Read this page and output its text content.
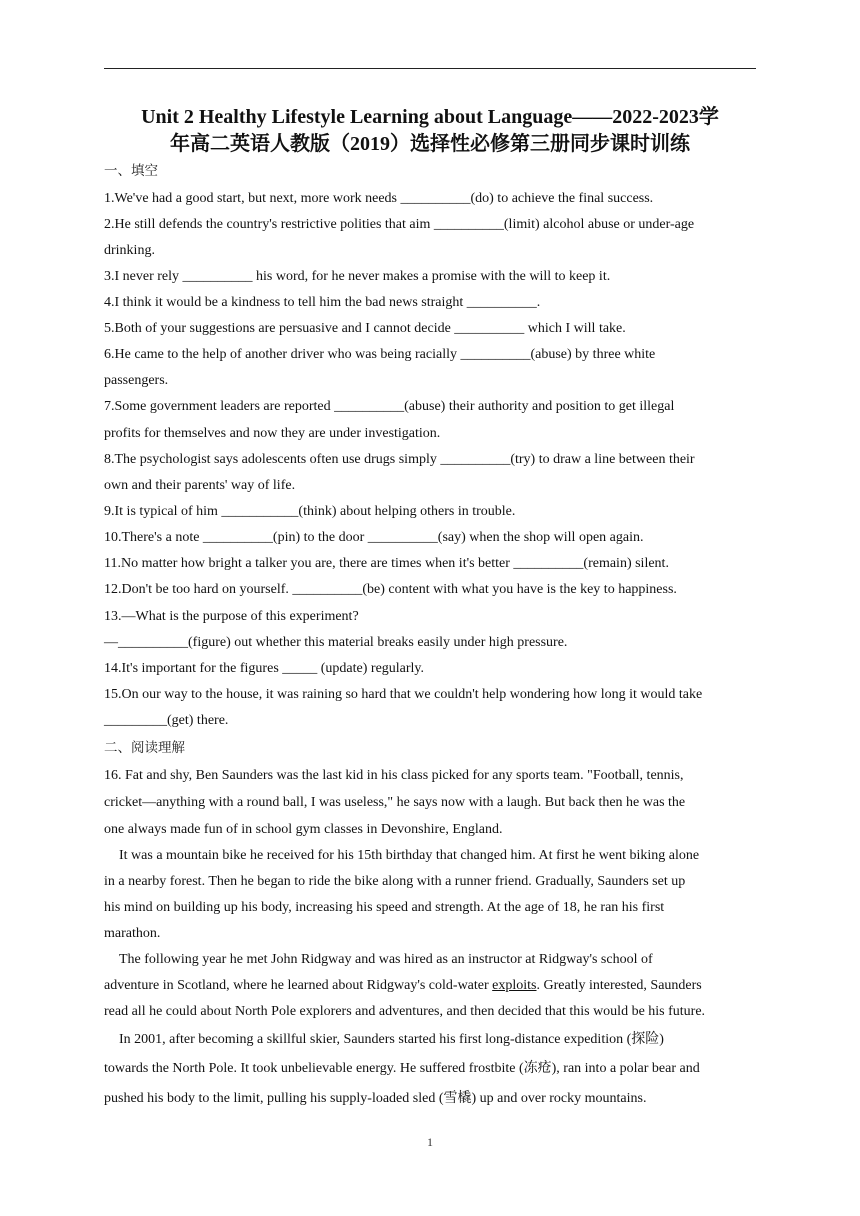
Unit 2 Healthy Lifestyle Learning about Language——2022-2023学
年高二英语人教版（2019）选择性必修第三册同步课时训练
一、填空
1.We've had a good start, but next, more work needs __________(do) to achieve the final success.
2.He still defends the country's restrictive polities that aim __________(limit) alcohol abuse or under-age
drinking.
3.I never rely __________ his word, for he never makes a promise with the will to keep it.
4.I think it would be a kindness to tell him the bad news straight __________.
5.Both of your suggestions are persuasive and I cannot decide __________ which I will take.
6.He came to the help of another driver who was being racially __________(abuse) by three white
passengers.
7.Some government leaders are reported __________(abuse) their authority and position to get illegal
profits for themselves and now they are under investigation.
8.The psychologist says adolescents often use drugs simply __________(try) to draw a line between their
own and their parents' way of life.
9.It is typical of him ___________(think) about helping others in trouble.
10.There's a note __________(pin) to the door __________(say) when the shop will open again.
11.No matter how bright a talker you are, there are times when it's better __________(remain) silent.
12.Don't be too hard on yourself. __________(be) content with what you have is the key to happiness.
13.—What is the purpose of this experiment?
—__________(figure) out whether this material breaks easily under high pressure.
14.It's important for the figures _____ (update) regularly.
15.On our way to the house, it was raining so hard that we couldn't help wondering how long it would take
_________(get) there.
二、阅读理解
16. Fat and shy, Ben Saunders was the last kid in his class picked for any sports team. "Football, tennis,
cricket—anything with a round ball, I was useless," he says now with a laugh. But back then he was the
one always made fun of in school gym classes in Devonshire, England.
It was a mountain bike he received for his 15th birthday that changed him. At first he went biking alone
in a nearby forest. Then he began to ride the bike along with a runner friend. Gradually, Saunders set up
his mind on building up his body, increasing his speed and strength. At the age of 18, he ran his first
marathon.
The following year he met John Ridgway and was hired as an instructor at Ridgway's school of
adventure in Scotland, where he learned about Ridgway's cold-water exploits. Greatly interested, Saunders
read all he could about North Pole explorers and adventures, and then decided that this would be his future.
In 2001, after becoming a skillful skier, Saunders started his first long-distance expedition (探险)
towards the North Pole. It took unbelievable energy. He suffered frostbite (冻疮), ran into a polar bear and
pushed his body to the limit, pulling his supply-loaded sled (雪橇) up and over rocky mountains.
1
